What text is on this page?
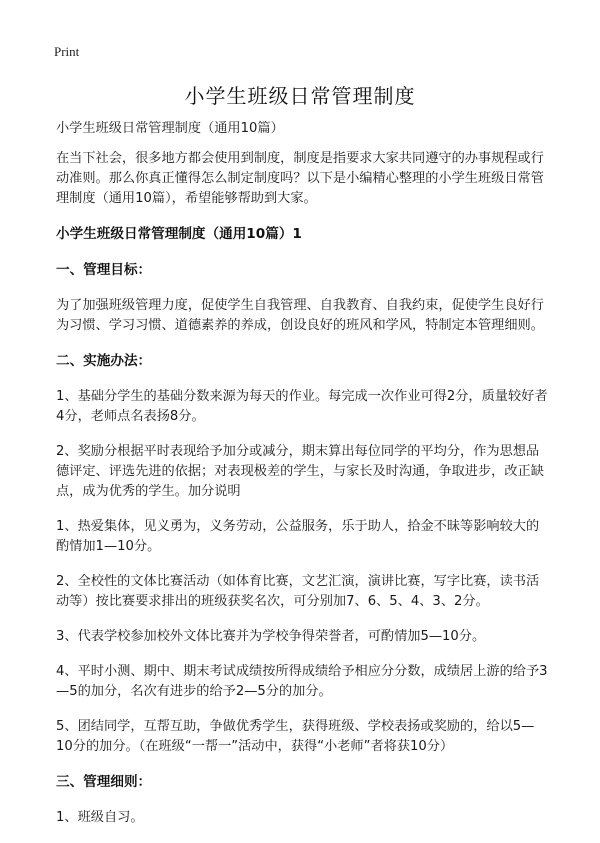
Print
小学生班级日常管理制度

小学生班级日常管理制度（通用10篇）

在当下社会，很多地方都会使用到制度，制度是指要求大家共同遵守的办事规程或行动准则。那么你真正懂得怎么制定制度吗？以下是小编精心整理的小学生班级日常管理制度（通用10篇），希望能够帮助到大家。

小学生班级日常管理制度（通用10篇）1
一、管理目标：

为了加强班级管理力度，促使学生自我管理、自我教育、自我约束，促使学生良好行为习惯、学习习惯、道德素养的养成，创设良好的班风和学风，特制定本管理细则。

二、实施办法：

1、基础分学生的基础分数来源为每天的作业。每完成一次作业可得2分，质量较好者4分，老师点名表扬8分。

2、奖励分根据平时表现给予加分或减分，期末算出每位同学的平均分，作为思想品德评定、评选先进的依据；对表现极差的学生，与家长及时沟通，争取进步，改正缺点，成为优秀的学生。加分说明

1、热爱集体，见义勇为，义务劳动，公益服务，乐于助人，拾金不昧等影响较大的酌情加1—10分。

2、全校性的文体比赛活动（如体育比赛，文艺汇演，演讲比赛，写字比赛，读书活动等）按比赛要求排出的班级获奖名次，可分别加7、6、5、4、3、2分。

3、代表学校参加校外文体比赛并为学校争得荣誉者，可酌情加5—10分。

4、平时小测、期中、期末考试成绩按所得成绩给予相应分分数，成绩居上游的给予3—5的加分，名次有进步的给予2—5分的加分。

5、团结同学，互帮互助，争做优秀学生，获得班级、学校表扬或奖励的，给以5—10分的加分。（在班级“一帮一”活动中，获得“小老师”者将获10分）

三、管理细则：

1、班级自习。
